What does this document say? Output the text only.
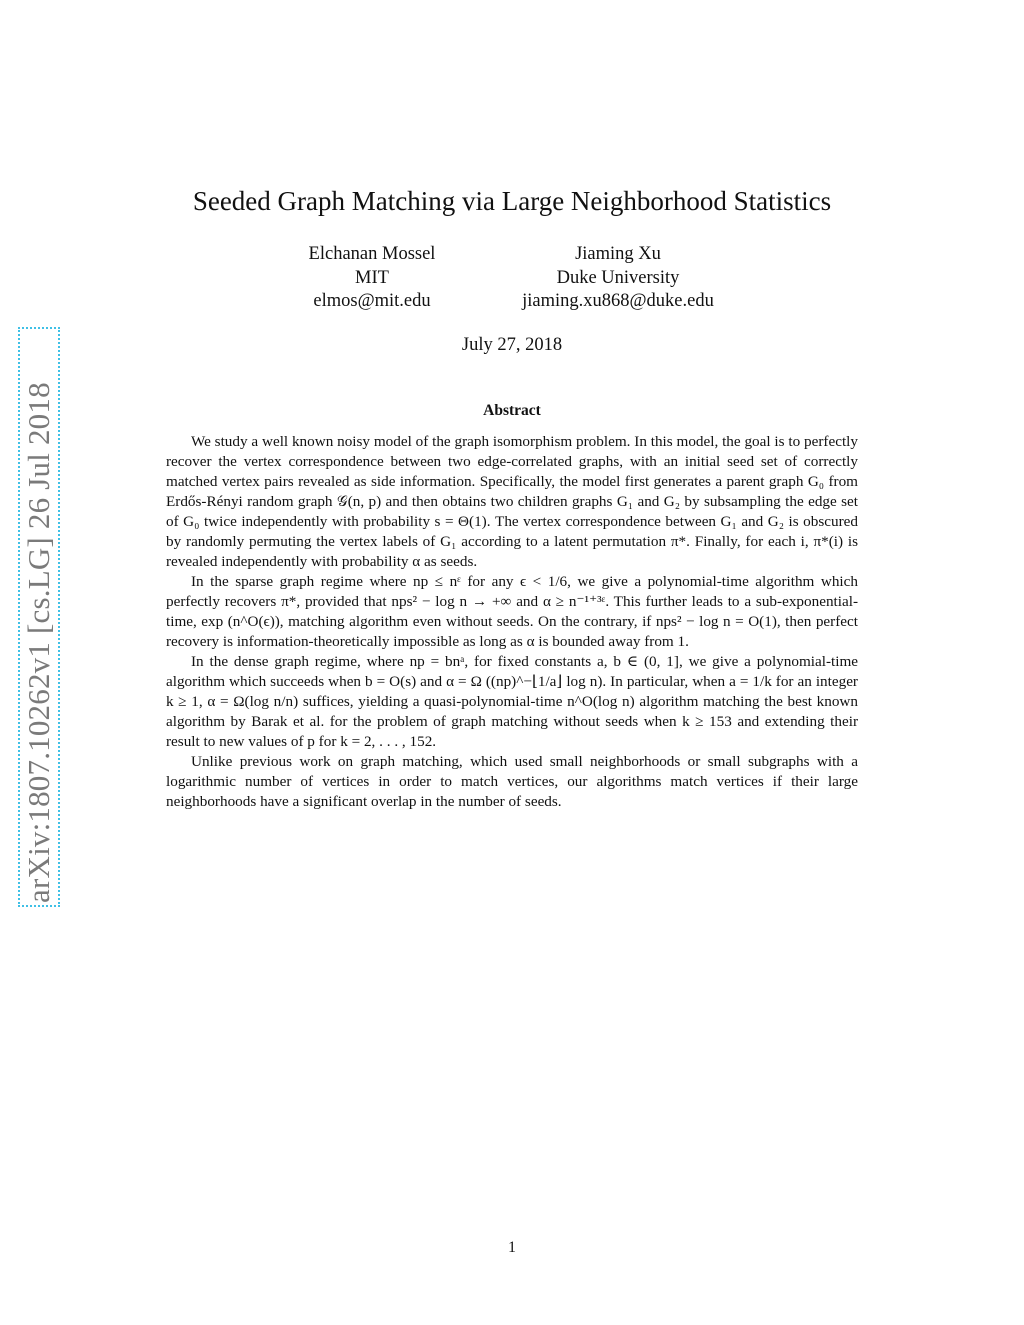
arXiv:1807.10262v1 [cs.LG] 26 Jul 2018
Seeded Graph Matching via Large Neighborhood Statistics
Elchanan Mossel
MIT
elmos@mit.edu
Jiaming Xu
Duke University
jiaming.xu868@duke.edu
July 27, 2018
Abstract

We study a well known noisy model of the graph isomorphism problem. In this model, the goal is to perfectly recover the vertex correspondence between two edge-correlated graphs, with an initial seed set of correctly matched vertex pairs revealed as side information. Specifically, the model first generates a parent graph G₀ from Erdős-Rényi random graph 𝒢(n, p) and then obtains two children graphs G₁ and G₂ by subsampling the edge set of G₀ twice independently with probability s = Θ(1). The vertex correspondence between G₁ and G₂ is obscured by randomly permuting the vertex labels of G₁ according to a latent permutation π*. Finally, for each i, π*(i) is revealed independently with probability α as seeds.

In the sparse graph regime where np ≤ nᵋ for any ϵ < 1/6, we give a polynomial-time algorithm which perfectly recovers π*, provided that nps² − log n → +∞ and α ≥ n⁻¹⁺³ᵋ. This further leads to a sub-exponential-time, exp (n^O(ϵ)), matching algorithm even without seeds. On the contrary, if nps² − log n = O(1), then perfect recovery is information-theoretically impossible as long as α is bounded away from 1.

In the dense graph regime, where np = bnᵃ, for fixed constants a, b ∈ (0, 1], we give a polynomial-time algorithm which succeeds when b = O(s) and α = Ω ((np)^−⌊1/a⌋ log n). In particular, when a = 1/k for an integer k ≥ 1, α = Ω(log n/n) suffices, yielding a quasi-polynomial-time n^O(log n) algorithm matching the best known algorithm by Barak et al. for the problem of graph matching without seeds when k ≥ 153 and extending their result to new values of p for k = 2, . . . , 152.

Unlike previous work on graph matching, which used small neighborhoods or small subgraphs with a logarithmic number of vertices in order to match vertices, our algorithms match vertices if their large neighborhoods have a significant overlap in the number of seeds.

1
